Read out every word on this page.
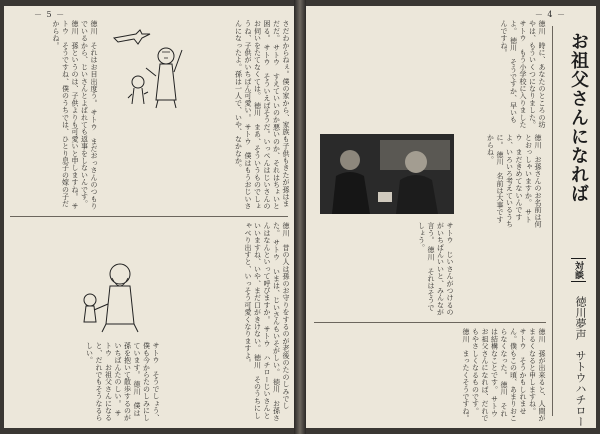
－ 5 －
さだわからねぇ。僕の家から、家族も子供もきたが孫はまだだ。 サトウ　すえていいのか悪いのか、それはちょいと困る。 サトウ　そういえばそうだ。いっぺんはじいさんのお伺いをたてなくては。 徳川　まあ、そういうものでしょうね、子供がいちばん可愛い。 サトウ　僕はもうおじいさんになったよ。孫は一人で、いや、なかなか。
徳川　それはお目出度う。 サトウ　まだおっさんのつもりでいるから、じいさんとよばれても返事をしないんです。 徳川　孫というのは、子供よりも可愛いと申しますね。 サトウ　そうですね、僕のうちでは、ひとり息子の嫁の子だからね。
徳川　昔の人は孫のお守りをするのが老後のたのしみでした。 サトウ　いまは、じいさんもいそがしい。 徳川　お孫さんはなんといって呼びますか。 サトウ　ハチローじいさんといいますね、いや、まだ口がきけない。 徳川　そのうちにしゃべり出すと、いっそう可愛くなりますよ。
サトウ　そうでしょう、僕も今からたのしみにしています。 徳川　僕は孫を抱いて散歩するのがいちばんたのしい。 サトウ　お祖父さんになると、だれでもそうなるらしい。
－ 4 －
お祖父さんになれば
対談
徳川夢声
サトウハチロー
徳川　時に、あなたのところの坊やは、もういくつになりました。 サトウ　もう小学校に入りましたよ。 徳川　そうですか、早いもんですね。
徳川　お孫さんのお名前は何とおっしゃいますか。 サトウ　まだきめてないんですよ、いろいろ考えているうちに。 徳川　名前は大事ですからね。
サトウ　じいさんがつけるのがいちばんいいと、みんなが言う。 徳川　それはそうでしょう。
徳川　孫が出来ると、人間がまるくなると申しますね。 サトウ　そうかもしれません。僕もこの頃、あまりおこらなくなった。 徳川　それは結構なことです。 サトウ　お祖父さんになれば、だれでもやさしくなるものです。 徳川　まったくそうですね。
